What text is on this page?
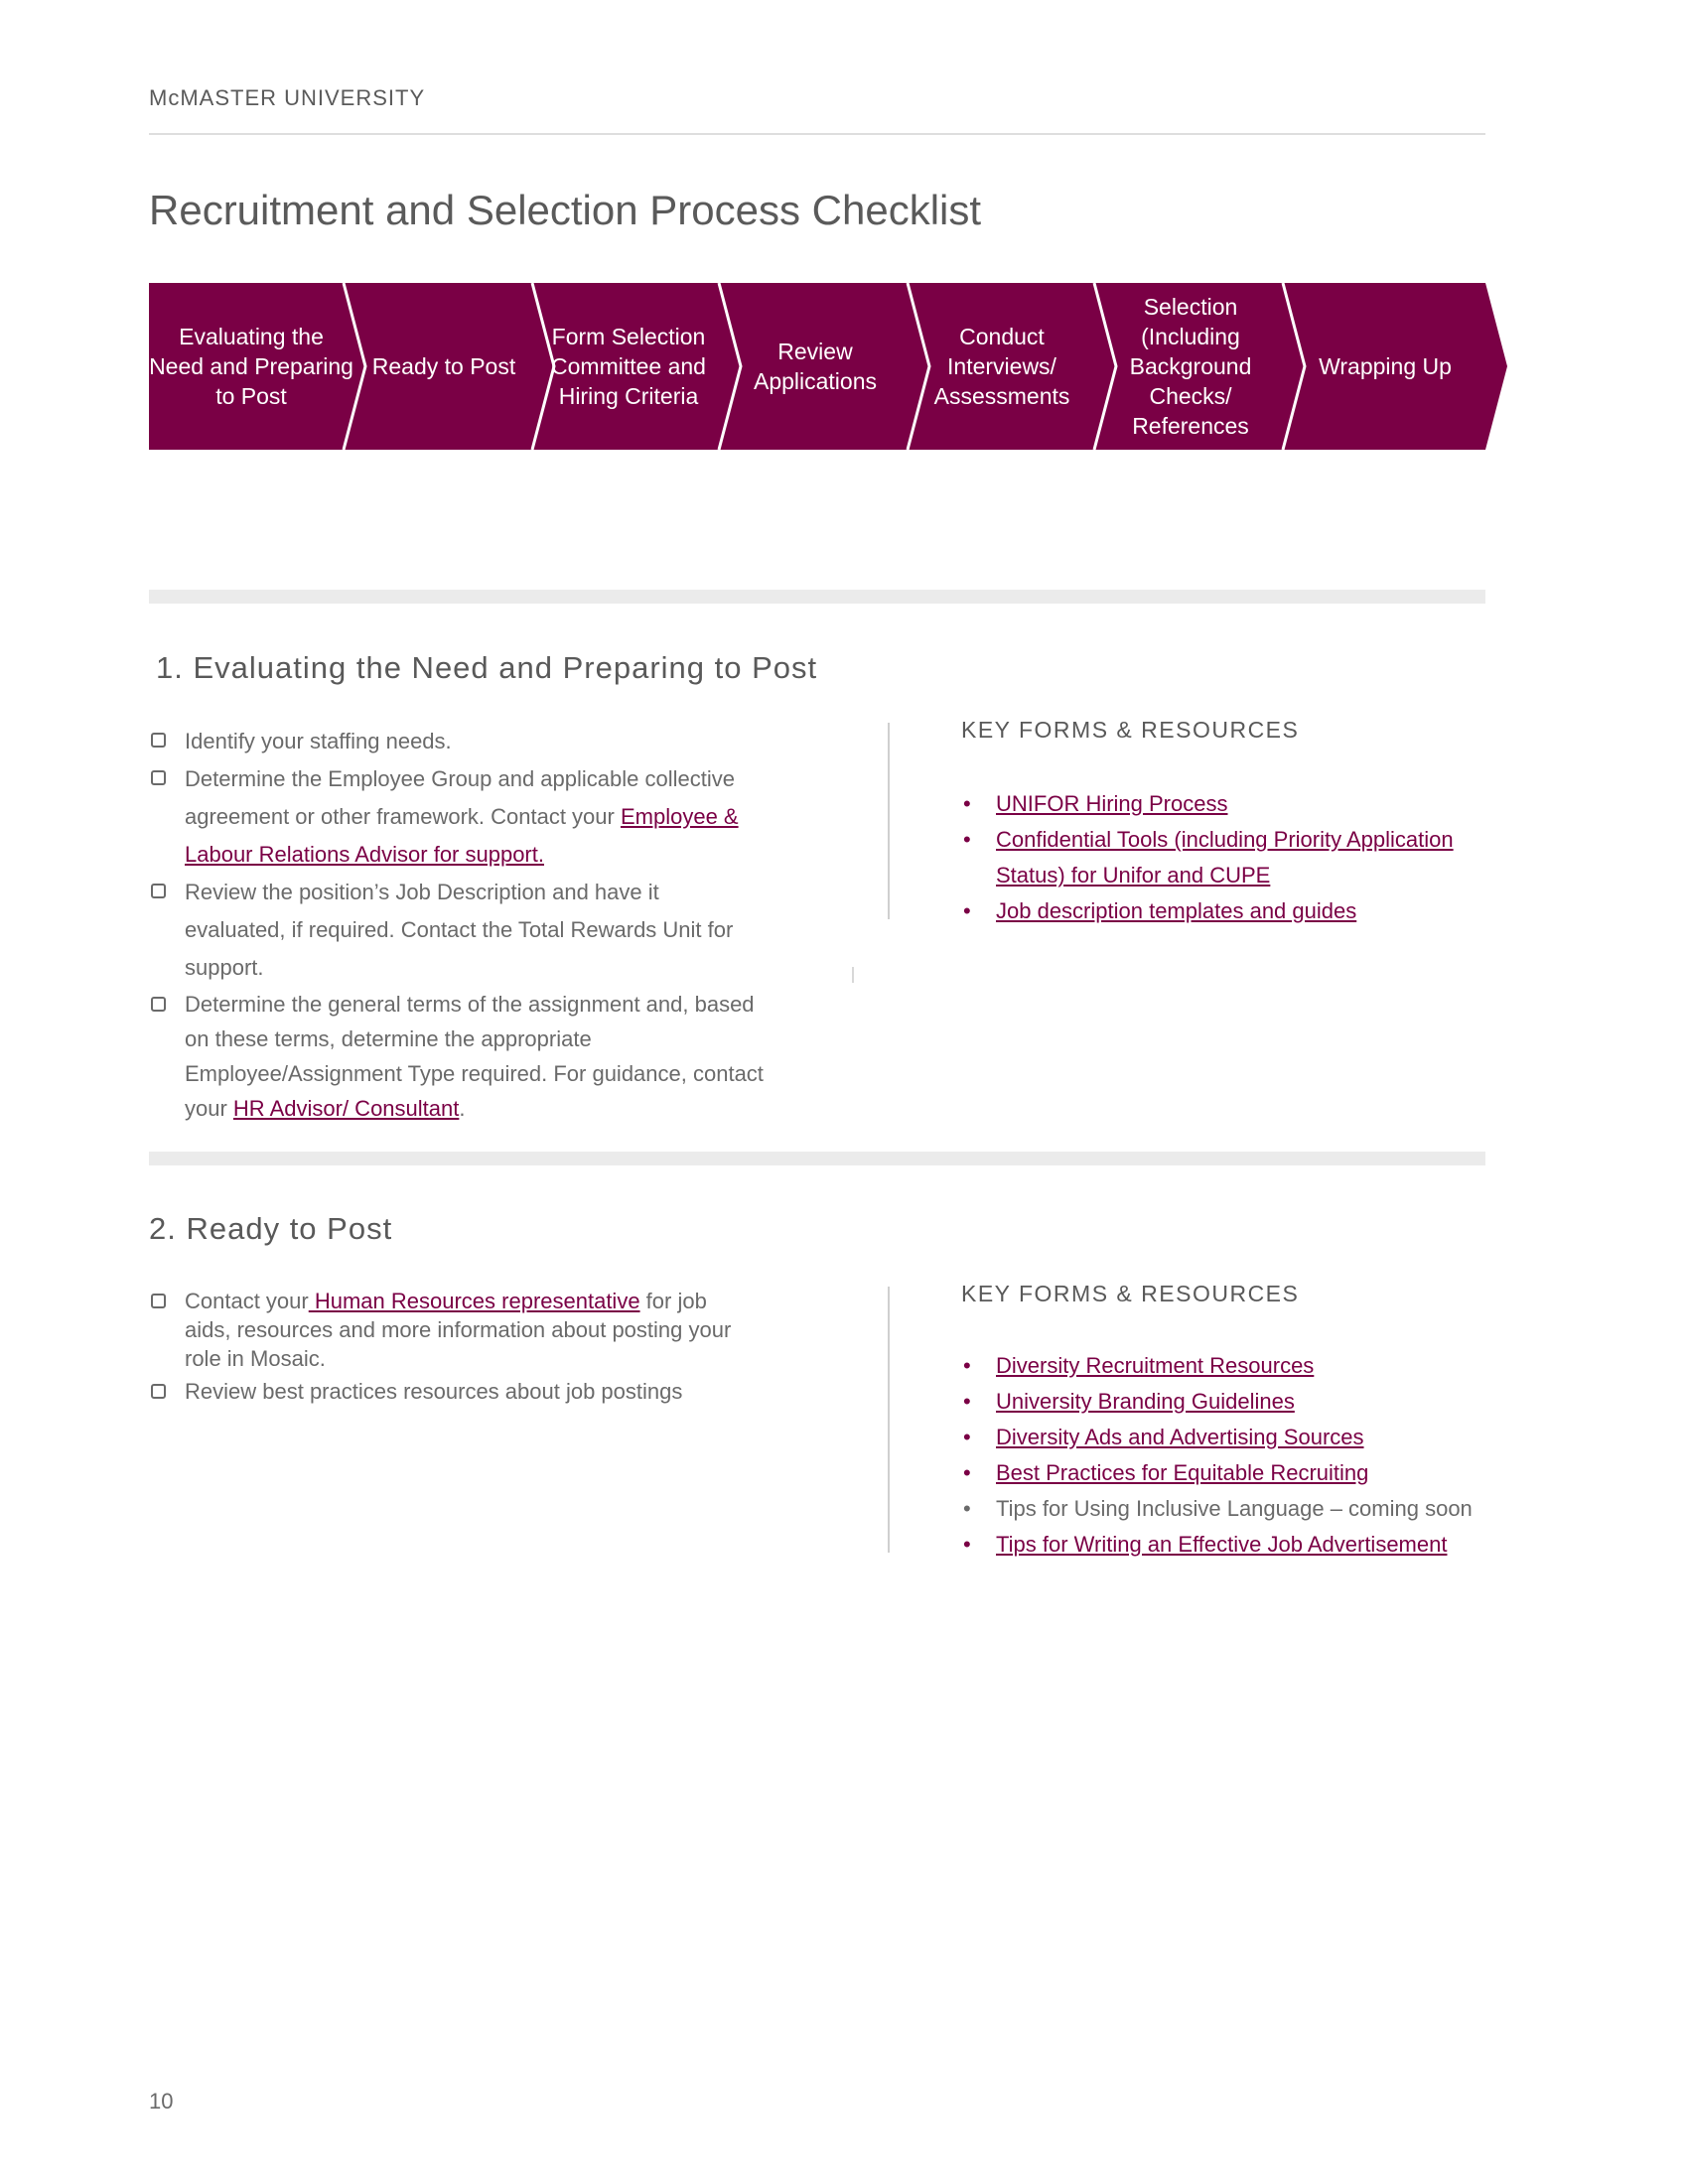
McMASTER UNIVERSITY
Recruitment and Selection Process Checklist
Evaluating the
Need and Preparing
to Post
Ready to Post
Form Selection
Committee and
Hiring Criteria
Review
Applications
Conduct
Interviews/
Assessments
Selection
(Including
Background
Checks/
References
Wrapping Up
1. Evaluating the Need and Preparing to Post
Identify your staffing needs.
Determine the Employee Group and applicable collective agreement or other framework. Contact your Employee & Labour Relations Advisor for support.
Review the position’s Job Description and have it evaluated, if required. Contact the Total Rewards Unit for support.
Determine the general terms of the assignment and, based on these terms, determine the appropriate Employee/Assignment Type required. For guidance, contact your HR Advisor/ Consultant.
KEY FORMS & RESOURCES
• UNIFOR Hiring Process
• Confidential Tools (including Priority Application Status) for Unifor and CUPE
• Job description templates and guides
2. Ready to Post
Contact your Human Resources representative for job aids, resources and more information about posting your role in Mosaic.
Review best practices resources about job postings
KEY FORMS & RESOURCES
• Diversity Recruitment Resources
• University Branding Guidelines
• Diversity Ads and Advertising Sources
• Best Practices for Equitable Recruiting
• Tips for Using Inclusive Language – coming soon
• Tips for Writing an Effective Job Advertisement
10
